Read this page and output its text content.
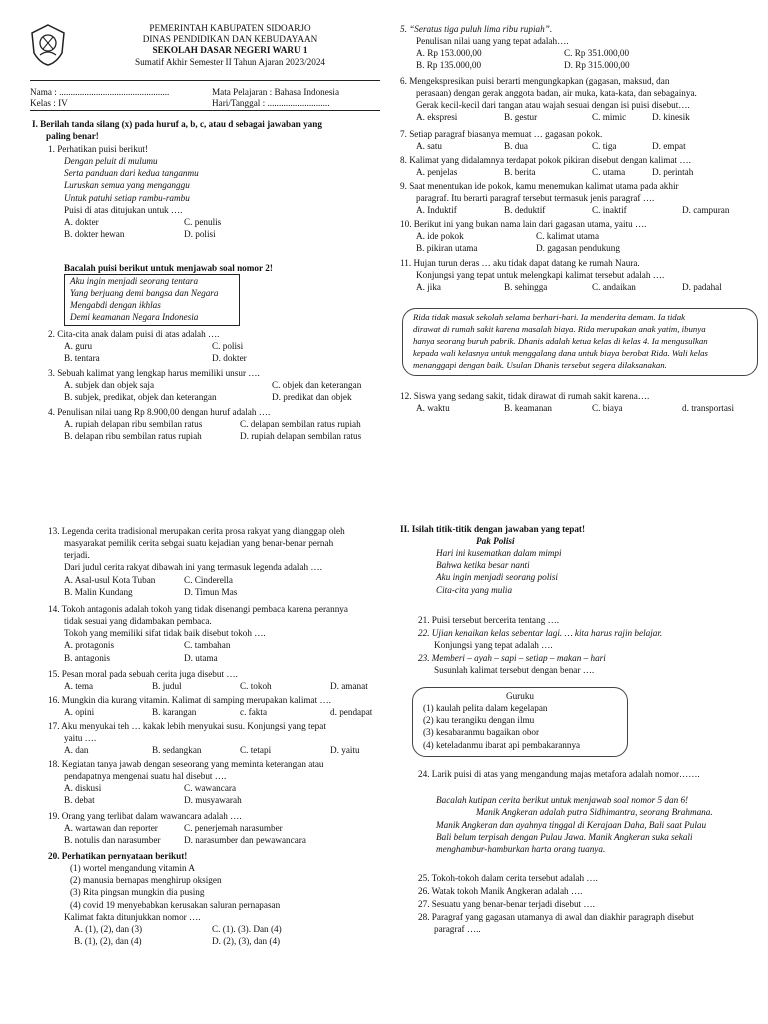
PEMERINTAH KABUPATEN SIDOARJO
DINAS PENDIDIKAN DAN KEBUDAYAAN
SEKOLAH DASAR NEGERI WARU 1
Sumatif Akhir Semester II Tahun Ajaran 2023/2024
Nama : ................................................
Kelas : IV
Mata Pelajaran : Bahasa Indonesia
Hari/Tanggal : ...........................
I. Berilah tanda silang (x) pada huruf a, b, c, atau d sebagai jawaban yang
paling benar!
1. Perhatikan puisi berikut!
Dengan peluit di mulumu
Serta panduan dari kedua tanganmu
Luruskan semua yang menganggu
Untuk patuhi setiap rambu-rambu
Puisi di atas ditujukan untuk ….
A. dokter	C. penulis
B. dokter hewan	D. polisi
Bacalah puisi berikut untuk menjawab soal nomor 2!
Aku ingin menjadi seorang tentara
Yang berjuang demi bangsa dan Negara
Mengabdi dengan ikhlas
Demi keamanan Negara Indonesia
2. Cita-cita anak dalam puisi di atas adalah ….
A. guru	C. polisi
B. tentara	D. dokter
3. Sebuah kalimat yang lengkap harus memiliki unsur ….
A. subjek dan objek saja	C. objek dan keterangan
B. subjek, predikat, objek dan keterangan	D. predikat dan objek
4. Penulisan nilai uang Rp 8.900,00 dengan huruf adalah ….
A. rupiah delapan ribu sembilan ratus	C. delapan sembilan ratus rupiah
B. delapan ribu sembilan ratus rupiah	D. rupiah delapan sembilan ratus
5. “Seratus tiga puluh lima ribu rupiah”.
Penulisan nilai uang yang tepat adalah….
A. Rp 153.000,00	C. Rp 351.000,00
B. Rp 135.000,00	D. Rp 315.000,00
6. Mengekspresikan puisi berarti mengungkapkan (gagasan, maksud, dan
perasaan) dengan gerak anggota badan, air muka, kata-kata, dan sebagainya.
Gerak kecil-kecil dari tangan atau wajah sesuai dengan isi puisi disebut….
A. ekspresi	B. gestur	C. mimic	D. kinesik
7. Setiap paragraf biasanya memuat … gagasan pokok.
A. satu	B. dua	C. tiga	D. empat
8. Kalimat yang didalamnya terdapat pokok pikiran disebut dengan kalimat ….
A. penjelas	B. berita	C. utama	D. perintah
9. Saat menentukan ide pokok, kamu menemukan kalimat utama pada akhir
paragraf. Itu berarti paragraf tersebut termasuk jenis paragraf ….
A. Induktif	B. deduktif	C. inaktif	D. campuran
10. Berikut ini yang bukan nama lain dari gagasan utama, yaitu ….
A. ide pokok	C. kalimat utama
B. pikiran utama	D. gagasan pendukung
11. Hujan turun deras … aku tidak dapat datang ke rumah Naura.
Konjungsi yang tepat untuk melengkapi kalimat tersebut adalah ….
A. jika	B. sehingga	C. andaikan	D. padahal
Rida tidak masuk sekolah selama berhari-hari. Ia menderita demam. Ia tidak
dirawat di rumah sakit karena masalah biaya. Rida merupakan anak yatim, ibunya
hanya seorang buruh pabrik. Dhanis adalah ketua kelas di kelas 4. Ia mengusulkan
kepada wali kelasnya untuk menggalang dana untuk biaya berobat Rida. Wali kelas
menanggapi dengan baik. Usulan Dhanis tersebut segera dilaksanakan.
12. Siswa yang sedang sakit, tidak dirawat di rumah sakit karena….
A. waktu	B. keamanan	C. biaya	d. transportasi
13. Legenda cerita tradisional merupakan cerita prosa rakyat yang dianggap oleh
masyarakat pemilik cerita sebgai suatu kejadian yang benar-benar pernah
terjadi.
Dari judul cerita rakyat dibawah ini yang termasuk legenda adalah ….
A. Asal-usul Kota Tuban	C. Cinderella
B. Malin Kundang	D. Timun Mas
14. Tokoh antagonis adalah tokoh yang tidak disenangi pembaca karena perannya
tidak sesuai yang didambakan pembaca.
Tokoh yang memiliki sifat tidak baik disebut tokoh ….
A. protagonis	C. tambahan
B. antagonis	D. utama
15. Pesan moral pada sebuah cerita juga disebut ….
A. tema	B. judul	C. tokoh	D. amanat
16. Mungkin dia kurang vitamin. Kalimat di samping merupakan kalimat ….
A. opini	B. karangan	c. fakta	d. pendapat
17. Aku menyukai teh … kakak lebih menyukai susu. Konjungsi yang tepat
yaitu ….
A. dan	B. sedangkan	C. tetapi	D. yaitu
18. Kegiatan tanya jawab dengan seseorang yang meminta keterangan atau
pendapatnya mengenai suatu hal disebut ….
A. diskusi	C. wawancara
B. debat	D. musyawarah
19. Orang yang terlibat dalam wawancara adalah ….
A. wartawan dan reporter	C. penerjemah narasumber
B. notulis dan narasumber	D. narasumber dan pewawancara
20. Perhatikan pernyataan berikut!
(1) wortel mengandung vitamin A
(2) manusia bernapas menghirup oksigen
(3) Rita pingsan mungkin dia pusing
(4) covid 19 menyebabkan kerusakan saluran pernapasan
Kalimat fakta ditunjukkan nomor ….
A. (1), (2), dan (3)	C. (1). (3). Dan (4)
B. (1), (2), dan (4)	D. (2), (3), dan (4)
II. Isilah titik-titik dengan jawaban yang tepat!
Pak Polisi
Hari ini kusematkan dalam mimpi
Bahwa ketika besar nanti
Aku ingin menjadi seorang polisi
Cita-cita yang mulia
21. Puisi tersebut bercerita tentang ….
22. Ujian kenaikan kelas sebentar lagi. … kita harus rajin belajar.
Konjungsi yang tepat adalah ….
23. Memberi – ayah – sapi – setiap – makan – hari
Susunlah kalimat tersebut dengan benar ….
Guruku
(1) kaulah pelita dalam kegelapan
(2) kau terangiku dengan ilmu
(3) kesabaranmu bagaikan obor
(4) keteladanmu ibarat api pembakarannya
24. Larik puisi di atas yang mengandung majas metafora adalah nomor…….
Bacalah kutipan cerita berikut untuk menjawab soal nomor 5 dan 6!
Manik Angkeran adalah putra Sidhimantra, seorang Brahmana.
Manik Angkeran dan ayahnya tinggal di Kerajaan Daha, Bali saat Pulau
Bali belum terpisah dengan Pulau Jawa. Manik Angkeran suka sekali
menghambur-hamburkan harta orang tuanya.
25. Tokoh-tokoh dalam cerita tersebut adalah ….
26. Watak tokoh Manik Angkeran adalah ….
27. Sesuatu yang benar-benar terjadi disebut ….
28. Paragraf yang gagasan utamanya di awal dan diakhir paragraph disebut
paragraf …..
